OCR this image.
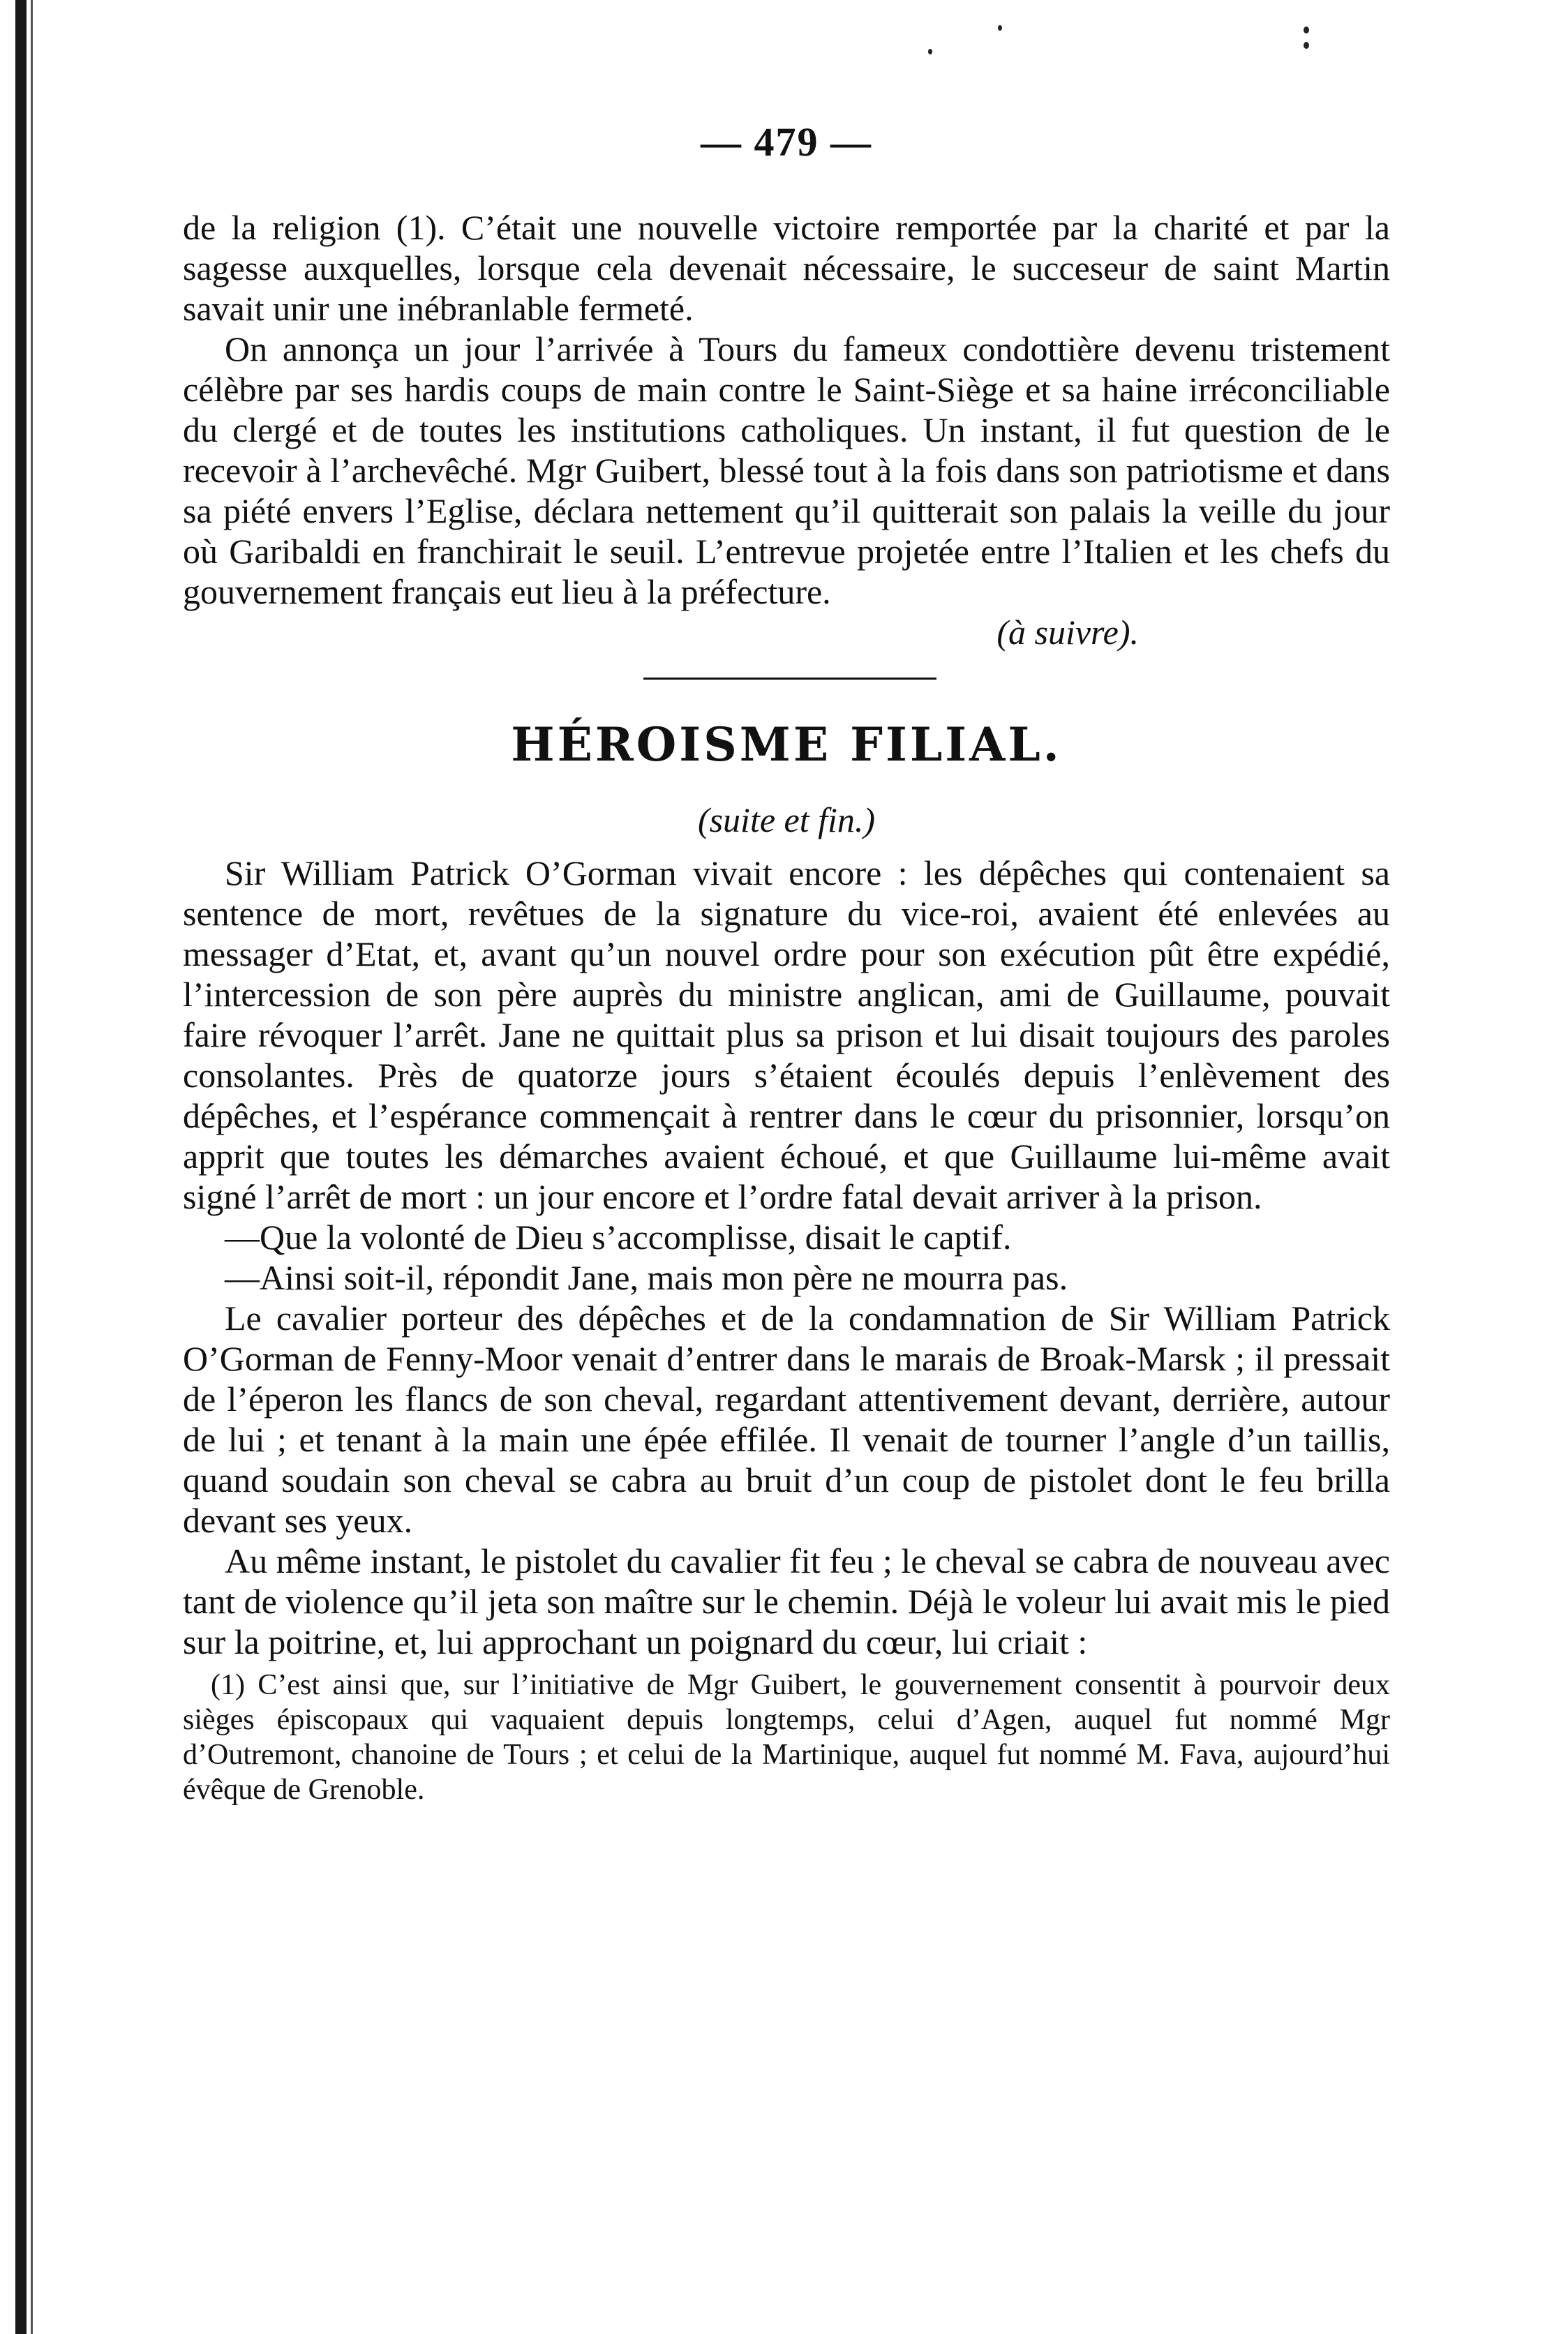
— 479 —

de la religion (1). C’était une nouvelle victoire remportée par la charité et par la sagesse auxquelles, lorsque cela devenait nécessaire, le succeseur de saint Martin savait unir une inébranlable fermeté.

On annonça un jour l’arrivée à Tours du fameux condottière devenu tristement célèbre par ses hardis coups de main contre le Saint-Siège et sa haine irréconciliable du clergé et de toutes les institutions catholiques. Un instant, il fut question de le recevoir à l’archevêché. Mgr Guibert, blessé tout à la fois dans son patriotisme et dans sa piété envers l’Eglise, déclara nettement qu’il quitterait son palais la veille du jour où Garibaldi en franchirait le seuil. L’entrevue projetée entre l’Italien et les chefs du gouvernement français eut lieu à la préfecture.

(à suivre).

HÉROISME FILIAL.
(suite et fin.)

Sir William Patrick O’Gorman vivait encore : les dépêches qui contenaient sa sentence de mort, revêtues de la signature du vice-roi, avaient été enlevées au messager d’Etat, et, avant qu’un nouvel ordre pour son exécution pût être expédié, l’intercession de son père auprès du ministre anglican, ami de Guillaume, pouvait faire révoquer l’arrêt. Jane ne quittait plus sa prison et lui disait toujours des paroles consolantes. Près de quatorze jours s’étaient écoulés depuis l’enlèvement des dépêches, et l’espérance commençait à rentrer dans le cœur du prisonnier, lorsqu’on apprit que toutes les démarches avaient échoué, et que Guillaume lui-même avait signé l’arrêt de mort : un jour encore et l’ordre fatal devait arriver à la prison.

—Que la volonté de Dieu s’accomplisse, disait le captif.

—Ainsi soit-il, répondit Jane, mais mon père ne mourra pas.

Le cavalier porteur des dépêches et de la condamnation de Sir William Patrick O’Gorman de Fenny-Moor venait d’entrer dans le marais de Broak-Marsk ; il pressait de l’éperon les flancs de son cheval, regardant attentivement devant, derrière, autour de lui ; et tenant à la main une épée effilée. Il venait de tourner l’angle d’un taillis, quand soudain son cheval se cabra au bruit d’un coup de pistolet dont le feu brilla devant ses yeux.

Au même instant, le pistolet du cavalier fit feu ; le cheval se cabra de nouveau avec tant de violence qu’il jeta son maître sur le chemin. Déjà le voleur lui avait mis le pied sur la poitrine, et, lui approchant un poignard du cœur, lui criait :

(1) C’est ainsi que, sur l’initiative de Mgr Guibert, le gouvernement consentit à pourvoir deux sièges épiscopaux qui vaquaient depuis longtemps, celui d’Agen, auquel fut nommé Mgr d’Outremont, chanoine de Tours ; et celui de la Martinique, auquel fut nommé M. Fava, aujourd’hui évêque de Grenoble.
